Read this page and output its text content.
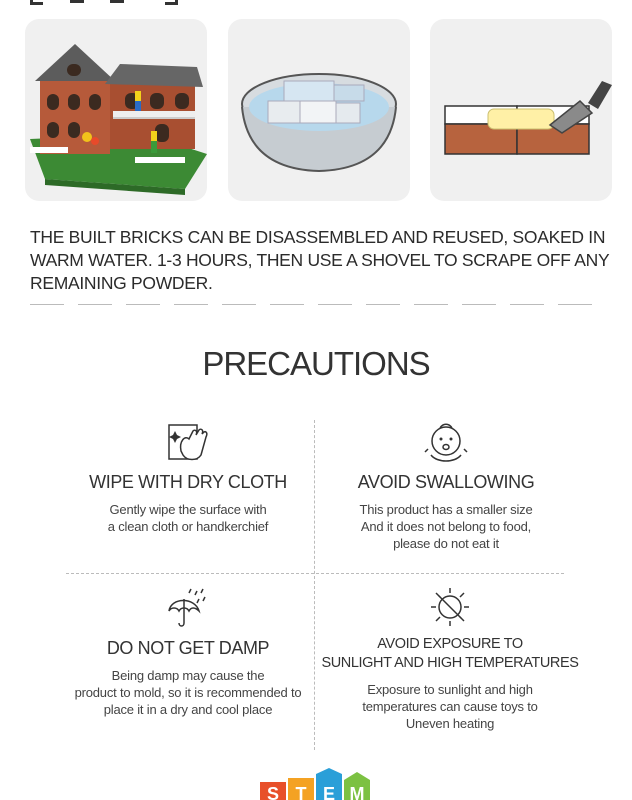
THE BUILT BRICKS CAN BE DISASSEMBLED AND REUSED, SOAKED IN WARM WATER. 1-3 HOURS, THEN USE A SHOVEL TO SCRAPE OFF ANY REMAINING POWDER.
PRECAUTIONS
WIPE WITH DRY CLOTH
Gently wipe the surface with
a clean cloth or handkerchief
AVOID SWALLOWING
This product has a smaller size
And it does not belong to food,
please do not eat it
DO NOT GET DAMP
Being damp may cause the
product to mold, so it is recommended to
place it in a dry and cool place
AVOID EXPOSURE TO
SUNLIGHT AND HIGH TEMPERATURES
Exposure to sunlight and high
temperatures can cause toys to
Uneven heating
S T E M
